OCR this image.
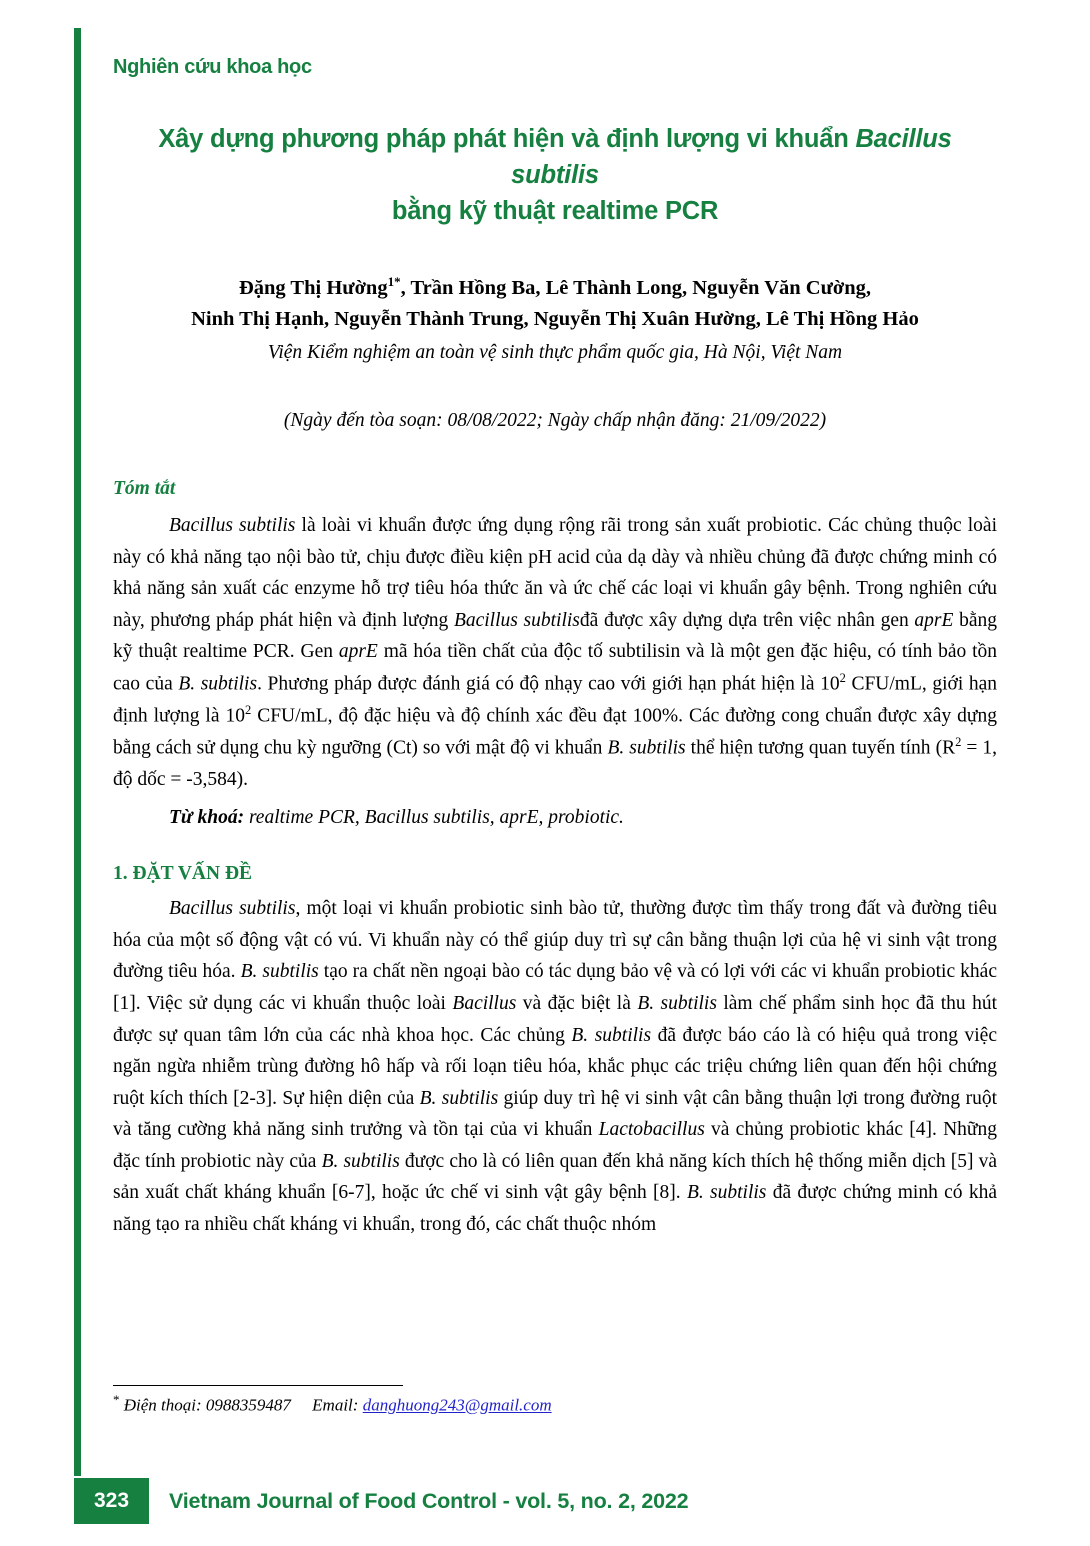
Nghiên cứu khoa học
Xây dựng phương pháp phát hiện và định lượng vi khuẩn Bacillus subtilis
bằng kỹ thuật realtime PCR
Đặng Thị Hường$^{1*}$, Trần Hồng Ba, Lê Thành Long, Nguyễn Văn Cường,
Ninh Thị Hạnh, Nguyễn Thành Trung, Nguyễn Thị Xuân Hường, Lê Thị Hồng Hảo
Viện Kiểm nghiệm an toàn vệ sinh thực phẩm quốc gia, Hà Nội, Việt Nam
(Ngày đến tòa soạn: 08/08/2022; Ngày chấp nhận đăng: 21/09/2022)
Tóm tắt
Bacillus subtilis là loài vi khuẩn được ứng dụng rộng rãi trong sản xuất probiotic. Các chủng thuộc loài này có khả năng tạo nội bào tử, chịu được điều kiện pH acid của dạ dày và nhiều chủng đã được chứng minh có khả năng sản xuất các enzyme hỗ trợ tiêu hóa thức ăn và ức chế các loại vi khuẩn gây bệnh. Trong nghiên cứu này, phương pháp phát hiện và định lượng Bacillus subtilisđã được xây dựng dựa trên việc nhân gen aprE bằng kỹ thuật realtime PCR. Gen aprE mã hóa tiền chất của độc tố subtilisin và là một gen đặc hiệu, có tính bảo tồn cao của B. subtilis. Phương pháp được đánh giá có độ nhạy cao với giới hạn phát hiện là $10^2$ CFU/mL, giới hạn định lượng là $10^2$ CFU/mL, độ đặc hiệu và độ chính xác đều đạt 100%. Các đường cong chuẩn được xây dựng bằng cách sử dụng chu kỳ ngưỡng (Ct) so với mật độ vi khuẩn B. subtilis thể hiện tương quan tuyến tính ($R^2 = 1$, độ dốc = -3,584).
Từ khoá: realtime PCR, Bacillus subtilis, aprE, probiotic.
1. ĐẶT VẤN ĐỀ
Bacillus subtilis, một loại vi khuẩn probiotic sinh bào tử, thường được tìm thấy trong đất và đường tiêu hóa của một số động vật có vú. Vi khuẩn này có thể giúp duy trì sự cân bằng thuận lợi của hệ vi sinh vật trong đường tiêu hóa. B. subtilis tạo ra chất nền ngoại bào có tác dụng bảo vệ và có lợi với các vi khuẩn probiotic khác [1]. Việc sử dụng các vi khuẩn thuộc loài Bacillus và đặc biệt là B. subtilis làm chế phẩm sinh học đã thu hút được sự quan tâm lớn của các nhà khoa học. Các chủng B. subtilis đã được báo cáo là có hiệu quả trong việc ngăn ngừa nhiễm trùng đường hô hấp và rối loạn tiêu hóa, khắc phục các triệu chứng liên quan đến hội chứng ruột kích thích [2-3]. Sự hiện diện của B. subtilis giúp duy trì hệ vi sinh vật cân bằng thuận lợi trong đường ruột và tăng cường khả năng sinh trưởng và tồn tại của vi khuẩn Lactobacillus và chủng probiotic khác [4]. Những đặc tính probiotic này của B. subtilis được cho là có liên quan đến khả năng kích thích hệ thống miễn dịch [5] và sản xuất chất kháng khuẩn [6-7], hoặc ức chế vi sinh vật gây bệnh [8]. B. subtilis đã được chứng minh có khả năng tạo ra nhiều chất kháng vi khuẩn, trong đó, các chất thuộc nhóm
* Điện thoại: 0988359487 Email: danghuong243@gmail.com
323	Vietnam Journal of Food Control - vol. 5, no. 2, 2022
